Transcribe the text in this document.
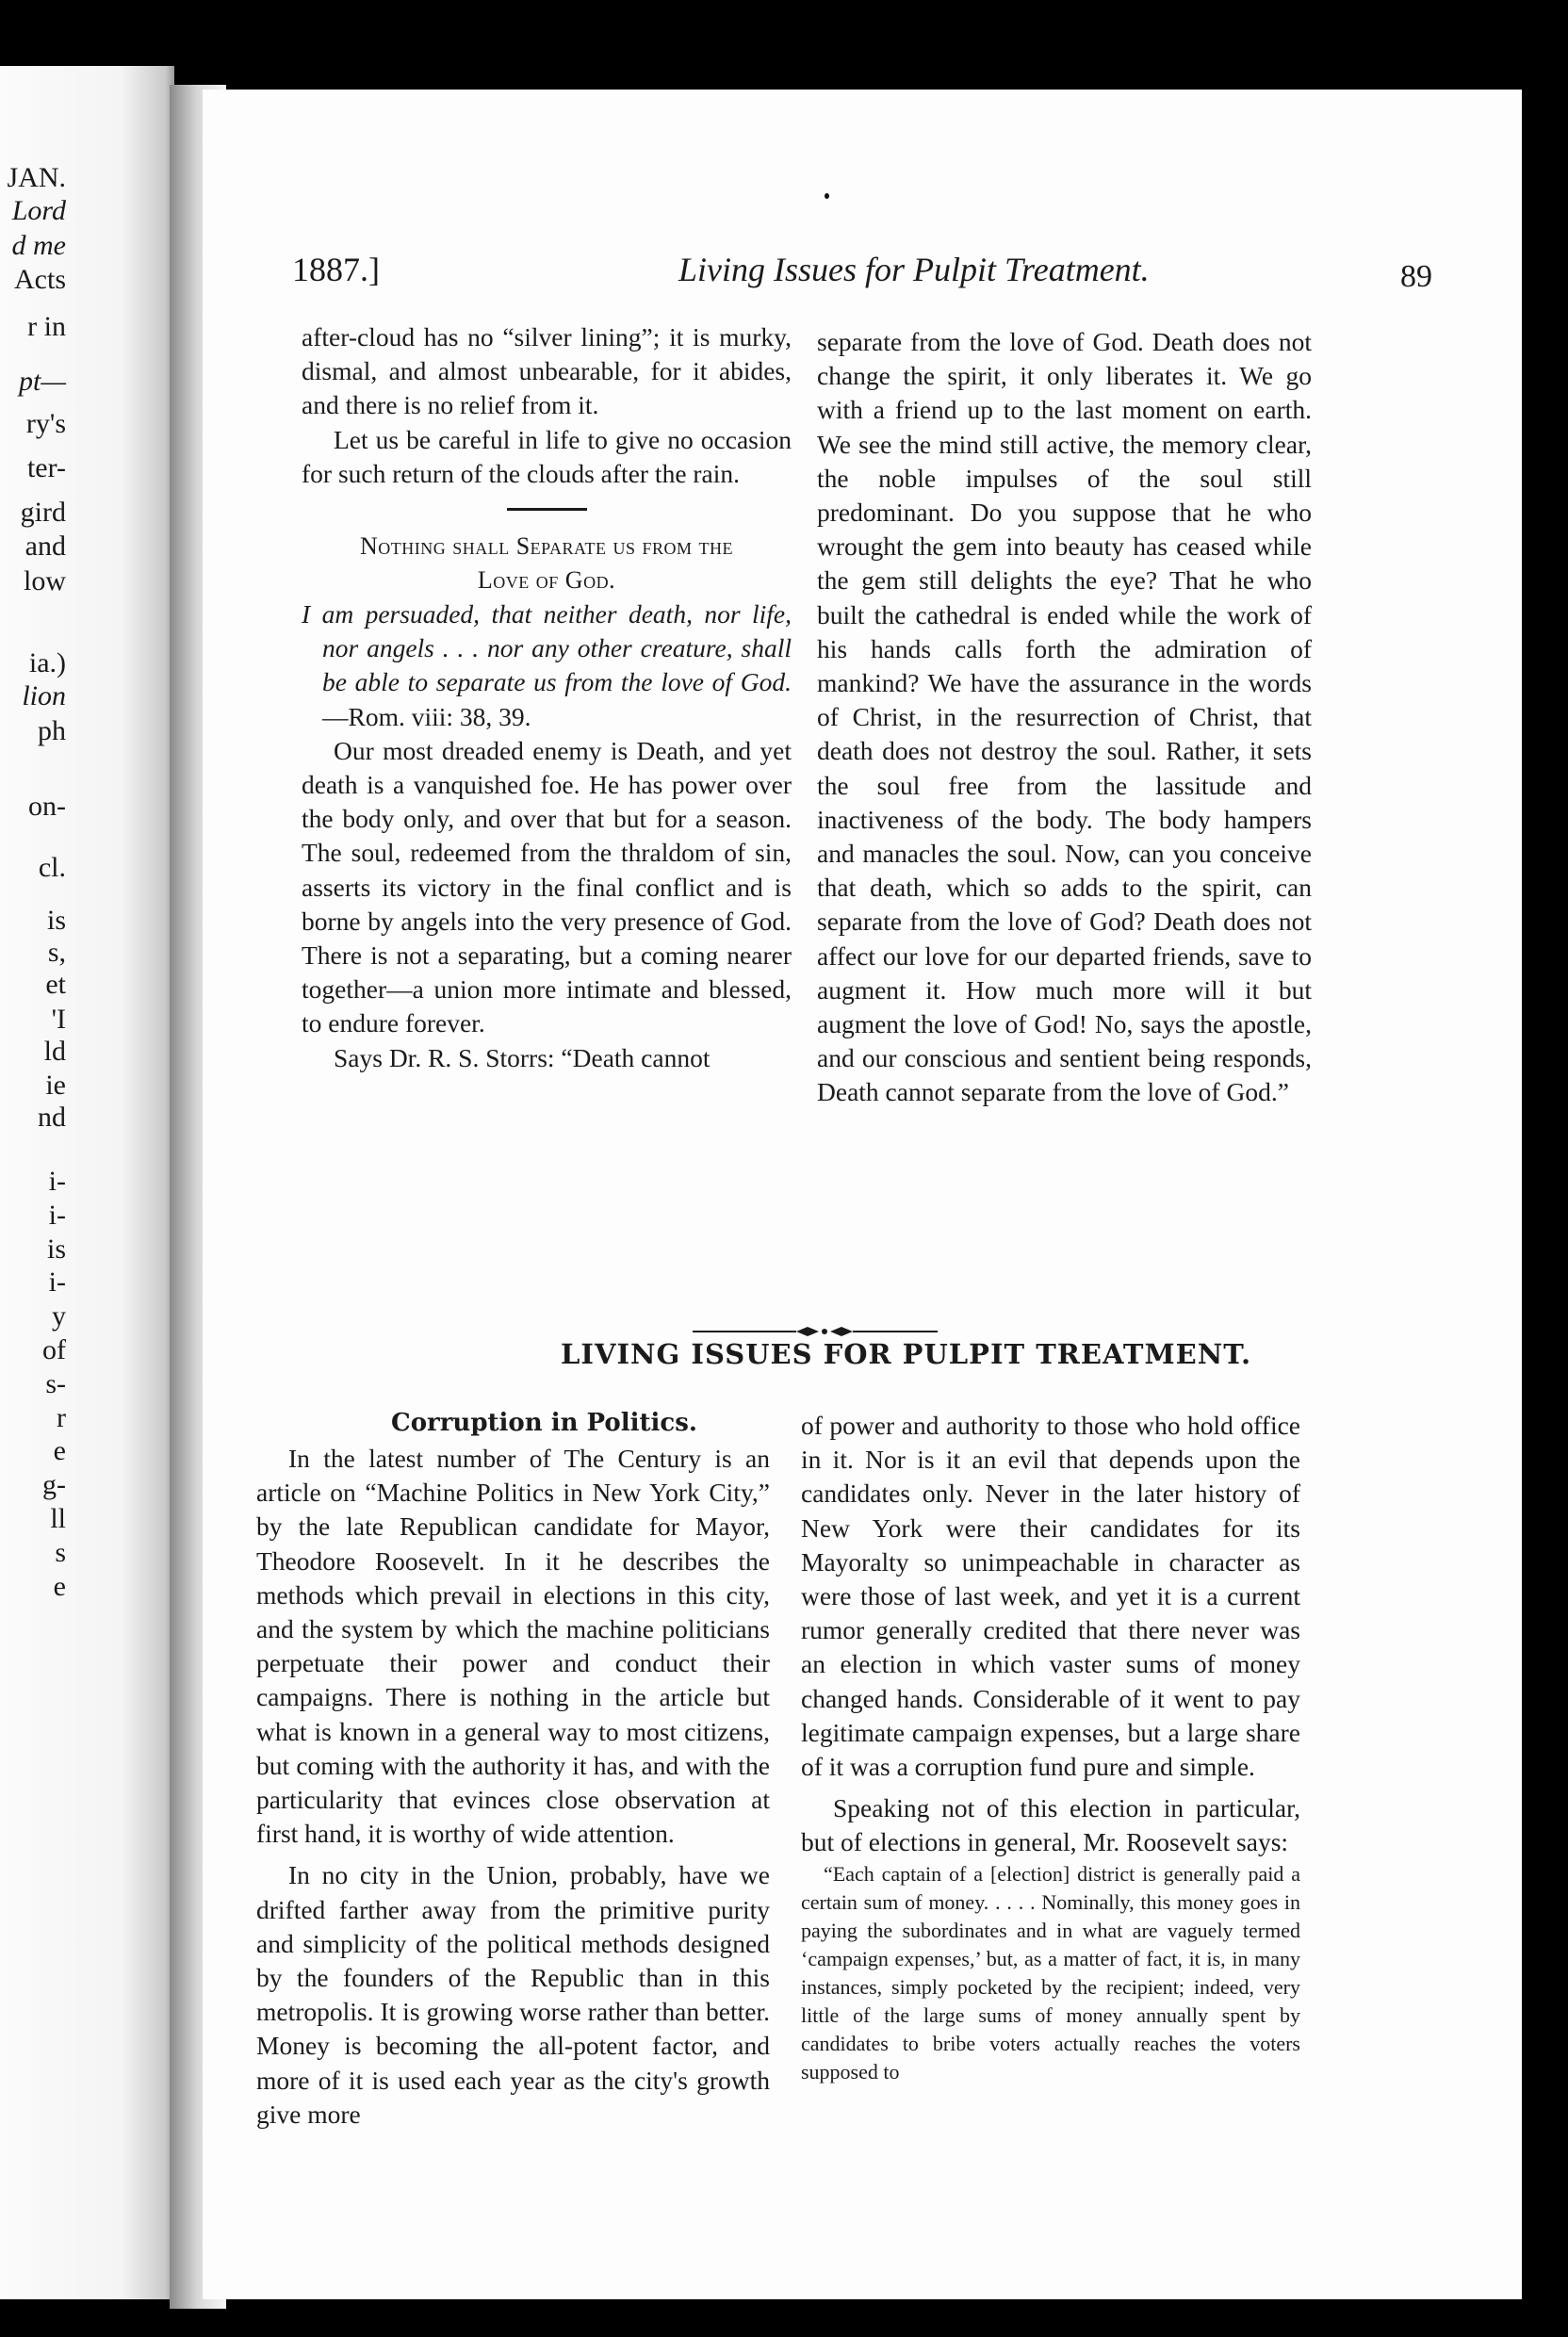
JAN.
Lord
d me
Acts
r in
pt—
ry's
ter-
gird
and
low
ia.)
lion
ph
on-
cl.
is
s,
et
'I
ld
ie
nd
i-
i-
is
i-
y
of
s-
r
e
g-
ll
s
e
1887.]	Living Issues for Pulpit Treatment.	89

after-cloud has no “silver lining”; it is murky, dismal, and almost unbearable, for it abides, and there is no relief from it.

Let us be careful in life to give no occasion for such return of the clouds after the rain.

Nothing shall Separate us from the

Love of God.

I am persuaded, that neither death, nor life, nor angels . . . nor any other creature, shall be able to separate us from the love of God.—Rom. viii: 38, 39.

Our most dreaded enemy is Death, and yet death is a vanquished foe. He has power over the body only, and over that but for a season. The soul, redeemed from the thraldom of sin, asserts its victory in the final conflict and is borne by angels into the very presence of God. There is not a separating, but a coming nearer together—a union more intimate and blessed, to endure forever.

Says Dr. R. S. Storrs: “Death cannot

separate from the love of God. Death does not change the spirit, it only liberates it. We go with a friend up to the last moment on earth. We see the mind still active, the memory clear, the noble impulses of the soul still predominant. Do you suppose that he who wrought the gem into beauty has ceased while the gem still delights the eye? That he who built the cathedral is ended while the work of his hands calls forth the admiration of mankind? We have the assurance in the words of Christ, in the resurrection of Christ, that death does not destroy the soul. Rather, it sets the soul free from the lassitude and inactiveness of the body. The body hampers and manacles the soul. Now, can you conceive that death, which so adds to the spirit, can separate from the love of God? Death does not affect our love for our departed friends, save to augment it. How much more will it but augment the love of God! No, says the apostle, and our conscious and sentient being responds, Death cannot separate from the love of God.”

LIVING ISSUES FOR PULPIT TREATMENT.
Corruption in Politics.

In the latest number of The Century is an article on “Machine Politics in New York City,” by the late Republican candidate for Mayor, Theodore Roosevelt. In it he describes the methods which prevail in elections in this city, and the system by which the machine politicians perpetuate their power and conduct their campaigns. There is nothing in the article but what is known in a general way to most citizens, but coming with the authority it has, and with the particularity that evinces close observation at first hand, it is worthy of wide attention.

In no city in the Union, probably, have we drifted farther away from the primitive purity and simplicity of the political methods designed by the founders of the Republic than in this metropolis. It is growing worse rather than better. Money is becoming the all-potent factor, and more of it is used each year as the city's growth give more

of power and authority to those who hold office in it. Nor is it an evil that depends upon the candidates only. Never in the later history of New York were their candidates for its Mayoralty so unimpeachable in character as were those of last week, and yet it is a current rumor generally credited that there never was an election in which vaster sums of money changed hands. Considerable of it went to pay legitimate campaign expenses, but a large share of it was a corruption fund pure and simple.

Speaking not of this election in particular, but of elections in general, Mr. Roosevelt says:

“Each captain of a [election] district is generally paid a certain sum of money. . . . . Nominally, this money goes in paying the subordinates and in what are vaguely termed ‘campaign expenses,’ but, as a matter of fact, it is, in many instances, simply pocketed by the recipient; indeed, very little of the large sums of money annually spent by candidates to bribe voters actually reaches the voters supposed to
